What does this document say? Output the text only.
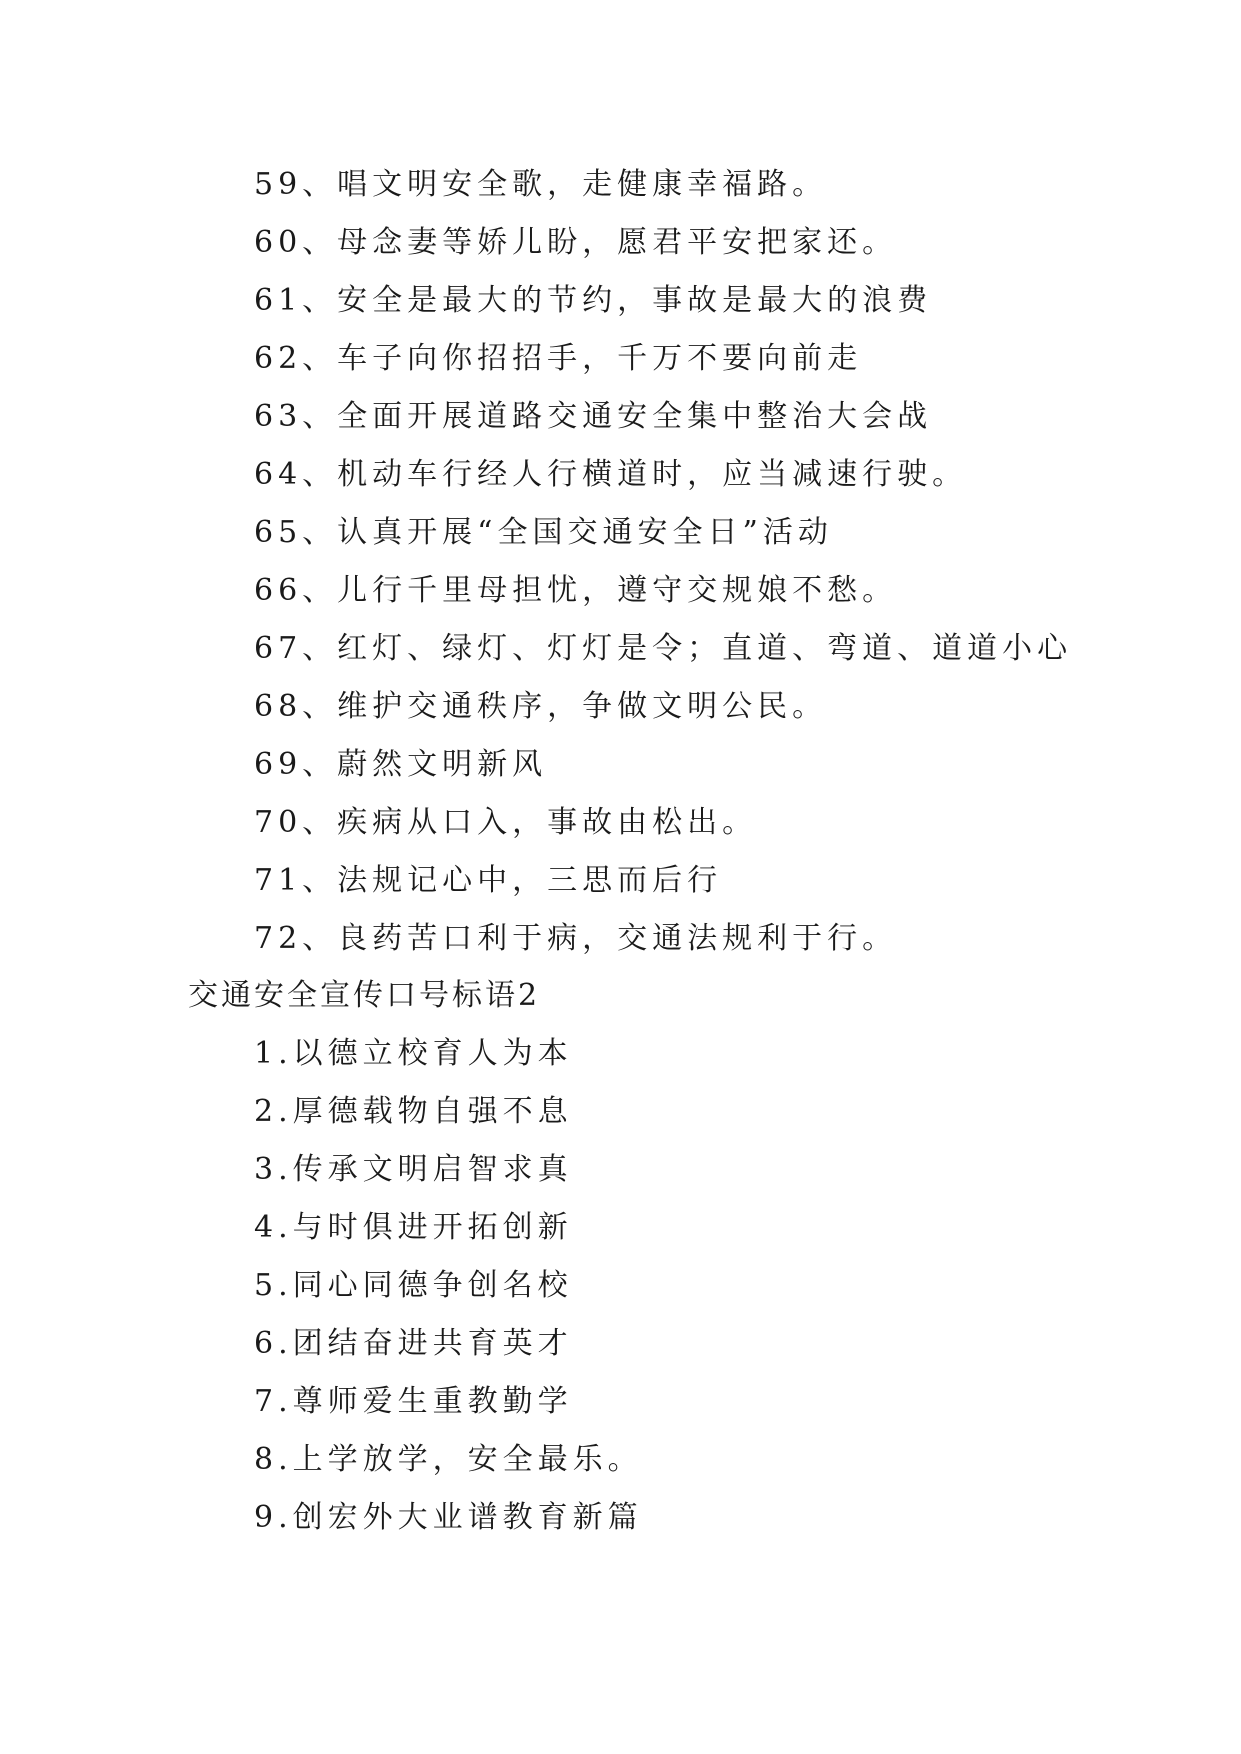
59、唱文明安全歌，走健康幸福路。
60、母念妻等娇儿盼，愿君平安把家还。
61、安全是最大的节约，事故是最大的浪费
62、车子向你招招手，千万不要向前走
63、全面开展道路交通安全集中整治大会战
64、机动车行经人行横道时，应当减速行驶。
65、认真开展“全国交通安全日”活动
66、儿行千里母担忧，遵守交规娘不愁。
67、红灯、绿灯、灯灯是令；直道、弯道、道道小心
68、维护交通秩序，争做文明公民。
69、蔚然文明新风
70、疾病从口入，事故由松出。
71、法规记心中，三思而后行
72、良药苦口利于病，交通法规利于行。
交通安全宣传口号标语2
1.以德立校育人为本
2.厚德载物自强不息
3.传承文明启智求真
4.与时俱进开拓创新
5.同心同德争创名校
6.团结奋进共育英才
7.尊师爱生重教勤学
8.上学放学，安全最乐。
9.创宏外大业谱教育新篇
